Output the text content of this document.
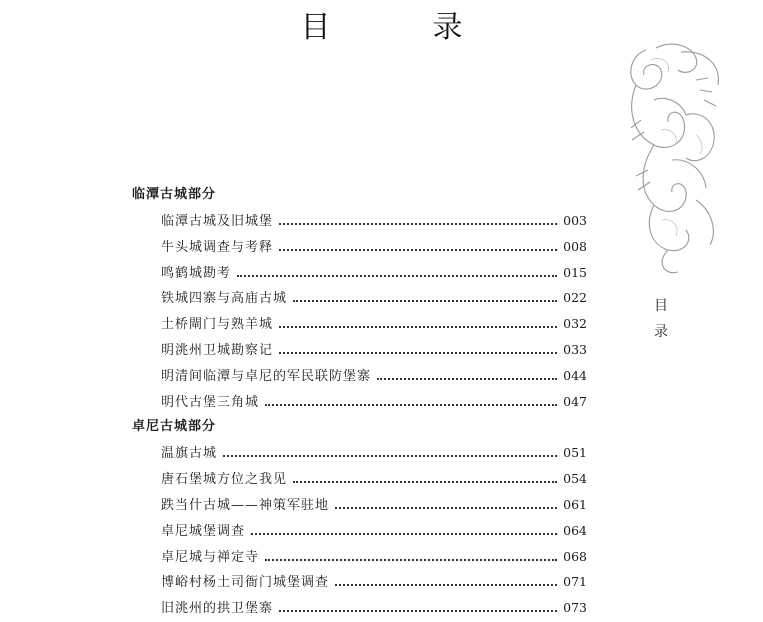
目　录
目
录
临潭古城部分
临潭古城及旧城堡	003
牛头城调查与考释	008
鸣鹤城勘考	015
铁城四寨与高庙古城	022
土桥閘门与熟羊城	032
明洮州卫城勘察记	033
明清间临潭与卓尼的军民联防堡寨	044
明代古堡三角城	047
卓尼古城部分
温旗古城	051
唐石堡城方位之我见	054
跌当什古城——神策军驻地	061
卓尼城堡调查	064
卓尼城与禅定寺	068
博峪村杨土司衙门城堡调查	071
旧洮州的拱卫堡寨	073
